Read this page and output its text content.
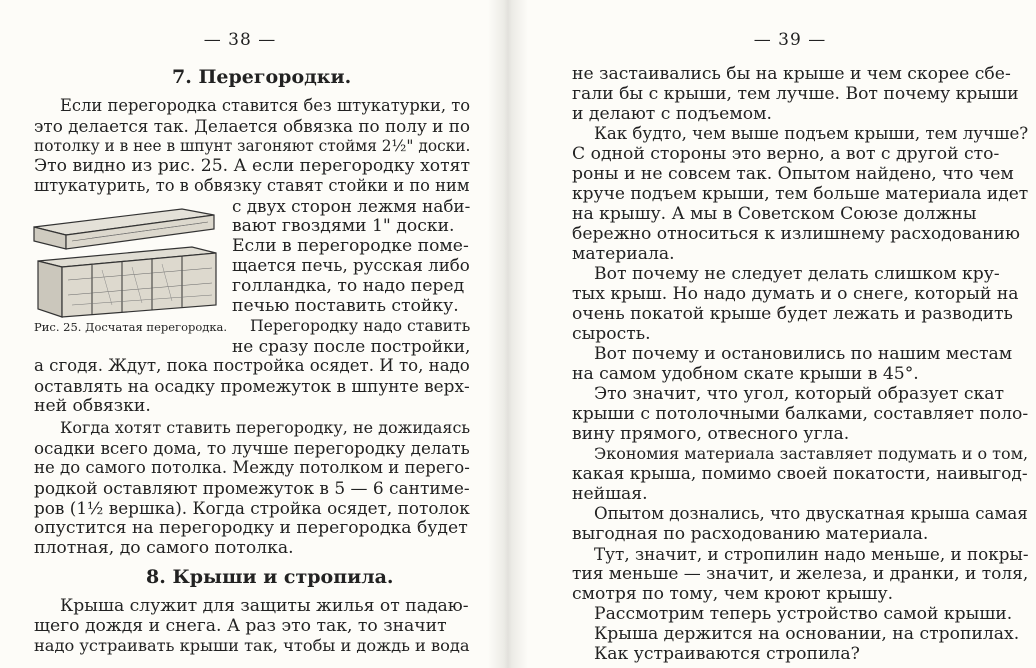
— 38 —
7. Перегородки.
Если перегородка ставится без штукатурки, то
это делается так. Делается обвязка по полу и по
потолку и в нее в шпунт загоняют стоймя 2½" доски.
Это видно из рис. 25. А если перегородку хотят
штукатурить, то в обвязку ставят стойки и по ним
с двух сторон лежмя наби-
вают гвоздями 1" доски.
Если в перегородке поме-
щается печь, русская либо
голландка, то надо перед
печью поставить стойку.
Перегородку надо ставить
не сразу после постройки,
Рис. 25. Досчатая перегородка.
а сгодя. Ждут, пока постройка осядет. И то, надо
оставлять на осадку промежуток в шпунте верх-
ней обвязки.
Когда хотят ставить перегородку, не дожидаясь
осадки всего дома, то лучше перегородку делать
не до самого потолка. Между потолком и перего-
родкой оставляют промежуток в 5 — 6 сантиме-
ров (1½ вершка). Когда стройка осядет, потолок
опустится на перегородку и перегородка будет
плотная, до самого потолка.
8. Крыши и стропила.
Крыша служит для защиты жилья от падаю-
щего дождя и снега. А раз это так, то значит
надо устраивать крыши так, чтобы и дождь и вода
— 39 —
не застаивались бы на крыше и чем скорее сбе-
гали бы с крыши, тем лучше. Вот почему крыши
и делают с подъемом.
Как будто, чем выше подъем крыши, тем лучше?
С одной стороны это верно, а вот с другой сто-
роны и не совсем так. Опытом найдено, что чем
круче подъем крыши, тем больше материала идет
на крышу. А мы в Советском Союзе должны
бережно относиться к излишнему расходованию
материала.
Вот почему не следует делать слишком кру-
тых крыш. Но надо думать и о снеге, который на
очень покатой крыше будет лежать и разводить
сырость.
Вот почему и остановились по нашим местам
на самом удобном скате крыши в 45°.
Это значит, что угол, который образует скат
крыши с потолочными балками, составляет поло-
вину прямого, отвесного угла.
Экономия материала заставляет подумать и о том,
какая крыша, помимо своей покатости, наивыгод-
нейшая.
Опытом дознались, что двускатная крыша самая
выгодная по расходованию материала.
Тут, значит, и стропилин надо меньше, и покры-
тия меньше — значит, и железа, и дранки, и толя,
смотря по тому, чем кроют крышу.
Рассмотрим теперь устройство самой крыши.
Крыша держится на основании, на стропилах.
Как устраиваются стропила?
